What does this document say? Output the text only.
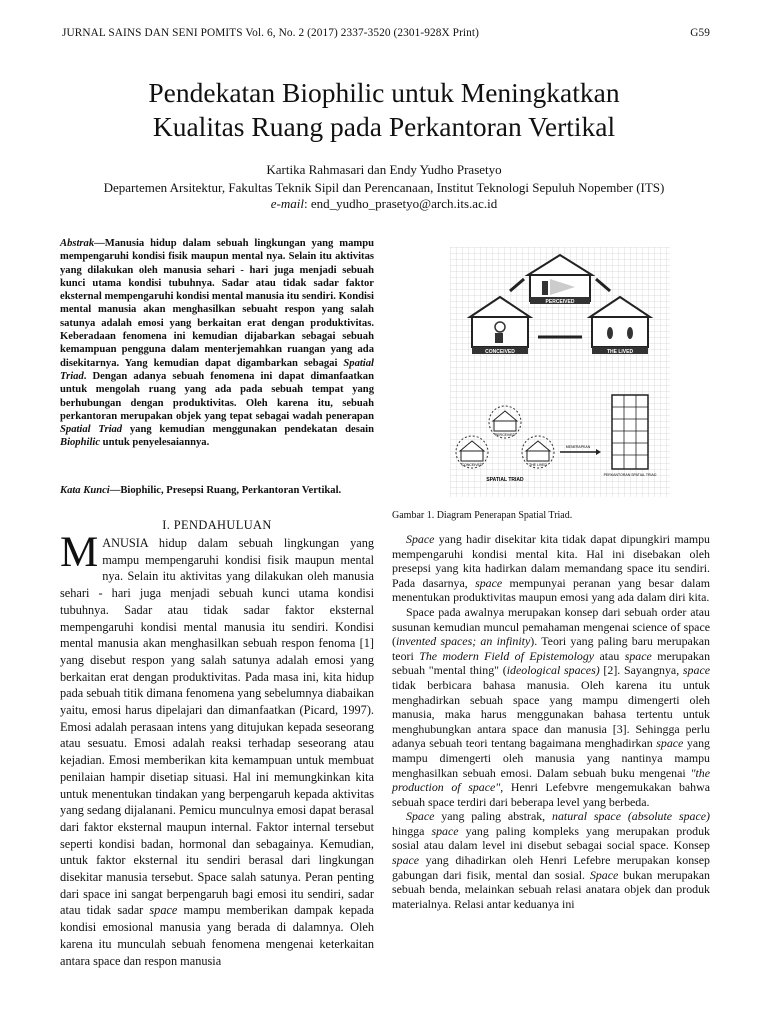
JURNAL SAINS DAN SENI POMITS Vol. 6, No. 2 (2017) 2337-3520 (2301-928X Print)	G59
Pendekatan Biophilic untuk Meningkatkan
Kualitas Ruang pada Perkantoran Vertikal
Kartika Rahmasari dan Endy Yudho Prasetyo
Departemen Arsitektur, Fakultas Teknik Sipil dan Perencanaan, Institut Teknologi Sepuluh Nopember (ITS)
e-mail: end_yudho_prasetyo@arch.its.ac.id
Abstrak—Manusia hidup dalam sebuah lingkungan yang mampu mempengaruhi kondisi fisik maupun mental nya. Selain itu aktivitas yang dilakukan oleh manusia sehari - hari juga menjadi sebuah kunci utama kondisi tubuhnya. Sadar atau tidak sadar faktor eksternal mempengaruhi kondisi mental manusia itu sendiri. Kondisi mental manusia akan menghasilkan sebuaht respon yang salah satunya adalah emosi yang berkaitan erat dengan produktivitas. Keberadaan fenomena ini kemudian dijabarkan sebagai sebuah kemampuan pengguna dalam menterjemahkan ruangan yang ada disekitarnya. Yang kemudian dapat digambarkan sebagai Spatial Triad. Dengan adanya sebuah fenomena ini dapat dimanfaatkan untuk mengolah ruang yang ada pada sebuah tempat yang berhubungan dengan produktivitas. Oleh karena itu, sebuah perkantoran merupakan objek yang tepat sebagai wadah penerapan Spatial Triad yang kemudian menggunakan pendekatan desain Biophilic untuk penyelesaiannya.
Kata Kunci—Biophilic, Presepsi Ruang, Perkantoran Vertikal.
I. PENDAHULUAN

MANUSIA hidup dalam sebuah lingkungan yang mampu mempengaruhi kondisi fisik maupun mental nya. Selain itu aktivitas yang dilakukan oleh manusia sehari - hari juga menjadi sebuah kunci utama kondisi tubuhnya. Sadar atau tidak sadar faktor eksternal mempengaruhi kondisi mental manusia itu sendiri. Kondisi mental manusia akan menghasilkan sebuah respon fenoma [1] yang disebut respon yang salah satunya adalah emosi yang berkaitan erat dengan produktivitas. Pada masa ini, kita hidup pada sebuah titik dimana fenomena yang sebelumnya diabaikan yaitu, emosi harus dipelajari dan dimanfaatkan (Picard, 1997). Emosi adalah perasaan intens yang ditujukan kepada seseorang atau sesuatu. Emosi adalah reaksi terhadap seseorang atau kejadian. Emosi memberikan kita kemampuan untuk membuat penilaian hampir disetiap situasi. Hal ini memungkinkan kita untuk menentukan tindakan yang berpengaruh kepada aktivitas yang sedang dijalanani. Pemicu munculnya emosi dapat berasal dari faktor eksternal maupun internal. Faktor internal tersebut seperti kondisi badan, hormonal dan sebagainya. Kemudian, untuk faktor eksternal itu sendiri berasal dari lingkungan disekitar manusia tersebut. Space salah satunya. Peran penting dari space ini sangat berpengaruh bagi emosi itu sendiri, sadar atau tidak sadar space mampu memberikan dampak kepada kondisi emosional manusia yang berada di dalamnya. Oleh karena itu munculah sebuah fenomena mengenai keterkaitan antara space dan respon manusia

PERCEIVED
CONCEIVED	THE LIVED
PERCEIVED
CONCEIVED	THE LIVED
SPATIAL TRIAD
MENERAPKAN
PERKANTORAN SPATIAL TRIAD
Gambar 1. Diagram Penerapan Spatial Triad.

Space yang hadir disekitar kita tidak dapat dipungkiri mampu mempengaruhi kondisi mental kita. Hal ini disebakan oleh presepsi yang kita hadirkan dalam memandang space itu sendiri. Pada dasarnya, space mempunyai peranan yang besar dalam menentukan produktivitas maupun emosi yang ada dalam diri kita.

Space pada awalnya merupakan konsep dari sebuah order atau susunan kemudian muncul pemahaman mengenai science of space (invented spaces; an infinity). Teori yang paling baru merupakan teori The modern Field of Epistemology atau space merupakan sebuah "mental thing" (ideological spaces) [2]. Sayangnya, space tidak berbicara bahasa manusia. Oleh karena itu untuk menghadirkan sebuah space yang mampu dimengerti oleh manusia, maka harus menggunakan bahasa tertentu untuk menghubungkan antara space dan manusia [3]. Sehingga perlu adanya sebuah teori tentang bagaimana menghadirkan space yang mampu dimengerti oleh manusia yang nantinya mampu menghasilkan sebuah emosi. Dalam sebuah buku mengenai "the production of space", Henri Lefebvre mengemukakan bahwa sebuah space terdiri dari beberapa level yang berbeda.

Space yang paling abstrak, natural space (absolute space) hingga space yang paling kompleks yang merupakan produk sosial atau dalam level ini disebut sebagai social space. Konsep space yang dihadirkan oleh Henri Lefebre merupakan konsep gabungan dari fisik, mental dan sosial. Space bukan merupakan sebuah benda, melainkan sebuah relasi anatara objek dan produk materialnya. Relasi antar keduanya ini
